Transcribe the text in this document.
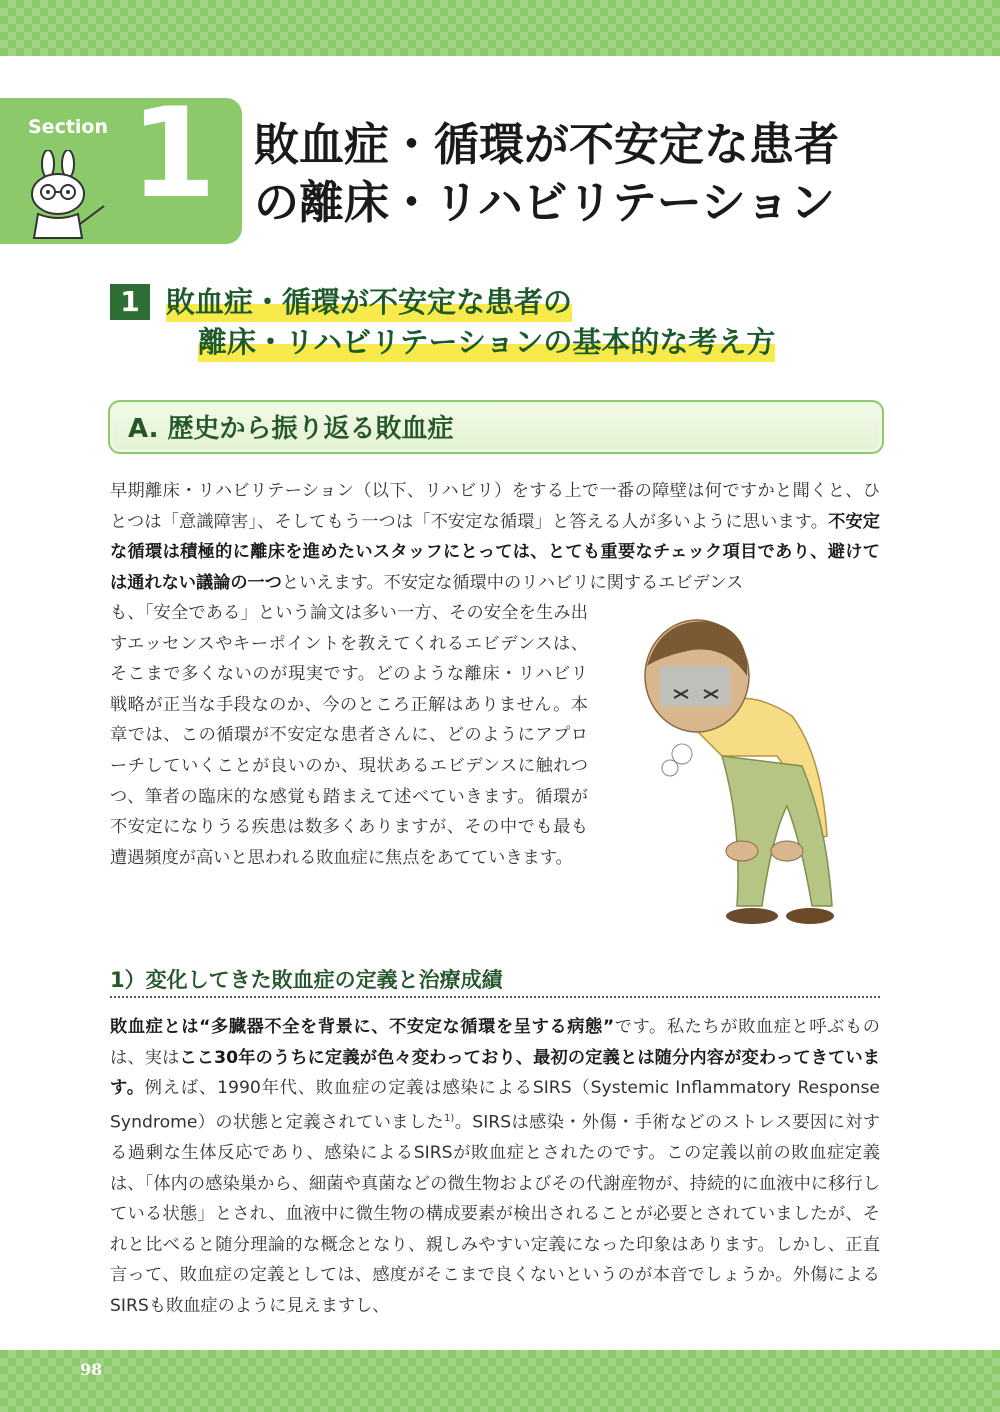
Section 1 敗血症・循環が不安定な患者
の離床・リハビリテーション
1 敗血症・循環が不安定な患者の
離床・リハビリテーションの基本的な考え方
A. 歴史から振り返る敗血症
早期離床・リハビリテーション（以下、リハビリ）をする上で一番の障壁は何ですかと聞くと、ひとつは「意識障害」、そしてもう一つは「不安定な循環」と答える人が多いように思います。不安定な循環は積極的に離床を進めたいスタッフにとっては、とても重要なチェック項目であり、避けては通れない議論の一つといえます。不安定な循環中のリハビリに関するエビデンス
も、「安全である」という論文は多い一方、その安全を生み出すエッセンスやキーポイントを教えてくれるエビデンスは、そこまで多くないのが現実です。どのような離床・リハビリ戦略が正当な手段なのか、今のところ正解はありません。本章では、この循環が不安定な患者さんに、どのようにアプローチしていくことが良いのか、現状あるエビデンスに触れつつ、筆者の臨床的な感覚も踏まえて述べていきます。循環が不安定になりうる疾患は数多くありますが、その中でも最も遭遇頻度が高いと思われる敗血症に焦点をあてていきます。
1）変化してきた敗血症の定義と治療成績
敗血症とは“多臓器不全を背景に、不安定な循環を呈する病態”です。私たちが敗血症と呼ぶものは、実はここ30年のうちに定義が色々変わっており、最初の定義とは随分内容が変わってきています。例えば、1990年代、敗血症の定義は感染によるSIRS（Systemic Inflammatory Response Syndrome）の状態と定義されていました$^{1)}$。SIRSは感染・外傷・手術などのストレス要因に対する過剰な生体反応であり、感染によるSIRSが敗血症とされたのです。この定義以前の敗血症定義は、「体内の感染巣から、細菌や真菌などの微生物およびその代謝産物が、持続的に血液中に移行している状態」とされ、血液中に微生物の構成要素が検出されることが必要とされていましたが、それと比べると随分理論的な概念となり、親しみやすい定義になった印象はあります。しかし、正直言って、敗血症の定義としては、感度がそこまで良くないというのが本音でしょうか。外傷によるSIRSも敗血症のように見えますし、
98
